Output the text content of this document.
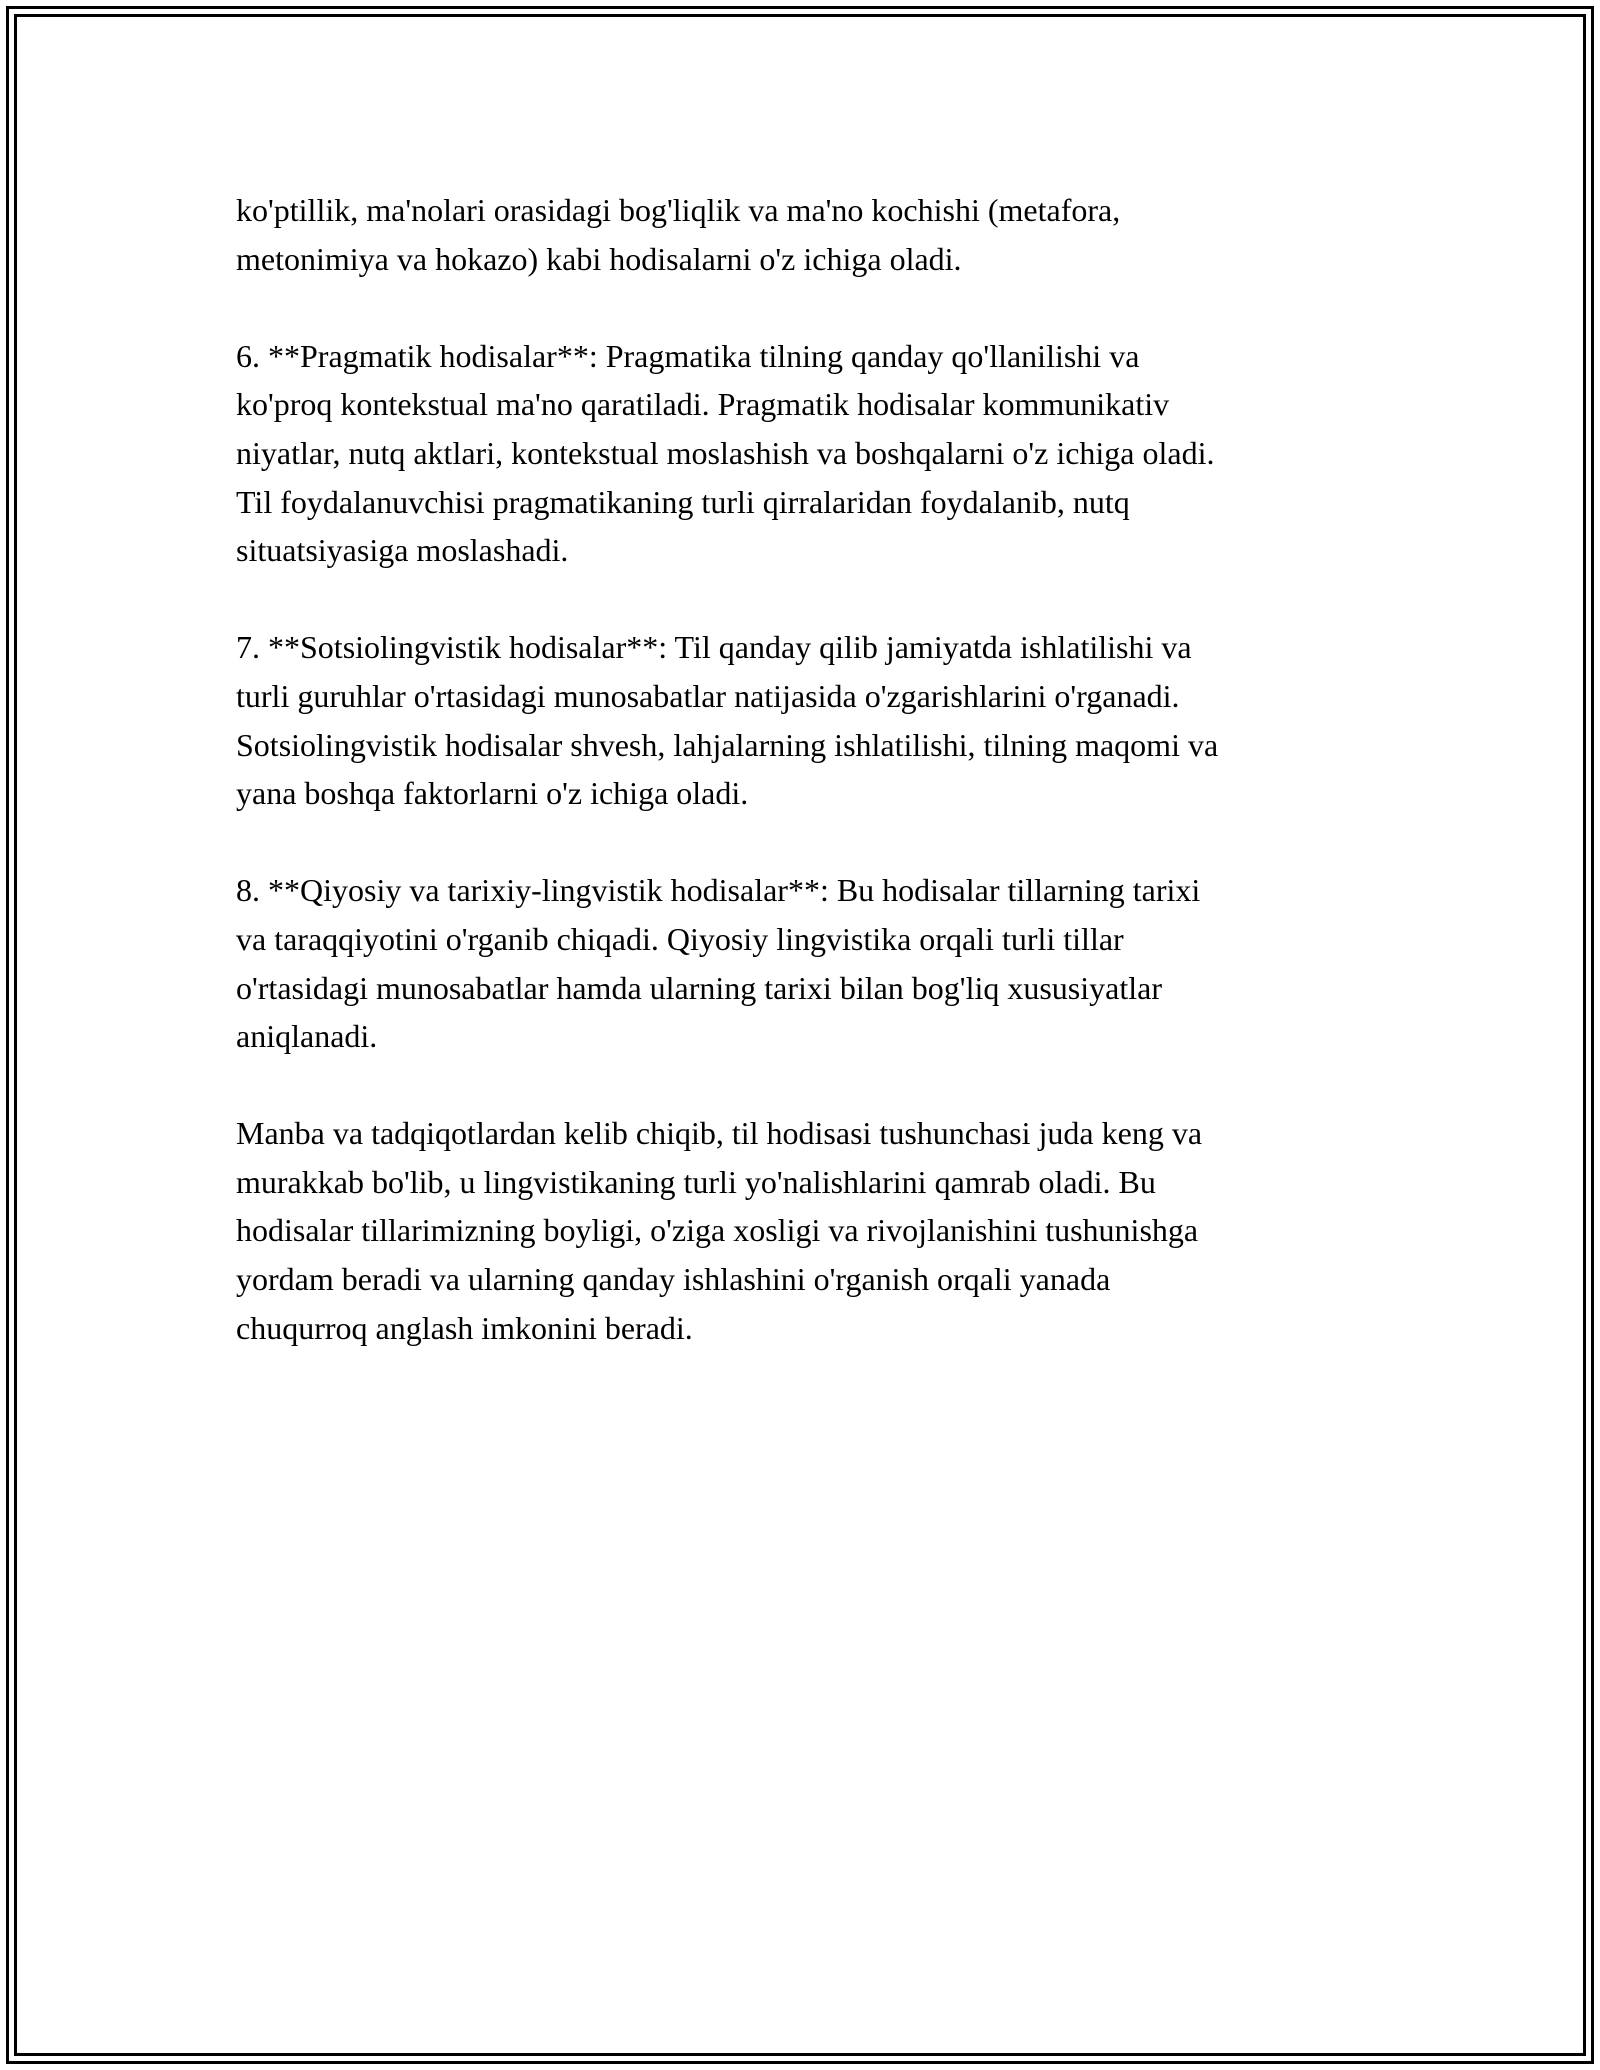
ko'ptillik, ma'nolari orasidagi bog'liqlik va ma'no kochishi (metafora,
metonimiya va hokazo) kabi hodisalarni o'z ichiga oladi.

6. **Pragmatik hodisalar**: Pragmatika tilning qanday qo'llanilishi va
ko'proq kontekstual ma'no qaratiladi. Pragmatik hodisalar kommunikativ
niyatlar, nutq aktlari, kontekstual moslashish va boshqalarni o'z ichiga oladi.
Til foydalanuvchisi pragmatikaning turli qirralaridan foydalanib, nutq
situatsiyasiga moslashadi.

7. **Sotsiolingvistik hodisalar**: Til qanday qilib jamiyatda ishlatilishi va
turli guruhlar o'rtasidagi munosabatlar natijasida o'zgarishlarini o'rganadi.
Sotsiolingvistik hodisalar shvesh, lahjalarning ishlatilishi, tilning maqomi va
yana boshqa faktorlarni o'z ichiga oladi.

8. **Qiyosiy va tarixiy-lingvistik hodisalar**: Bu hodisalar tillarning tarixi
va taraqqiyotini o'rganib chiqadi. Qiyosiy lingvistika orqali turli tillar
o'rtasidagi munosabatlar hamda ularning tarixi bilan bog'liq xususiyatlar
aniqlanadi.

Manba va tadqiqotlardan kelib chiqib, til hodisasi tushunchasi juda keng va
murakkab bo'lib, u lingvistikaning turli yo'nalishlarini qamrab oladi. Bu
hodisalar tillarimizning boyligi, o'ziga xosligi va rivojlanishini tushunishga
yordam beradi va ularning qanday ishlashini o'rganish orqali yanada
chuqurroq anglash imkonini beradi.
